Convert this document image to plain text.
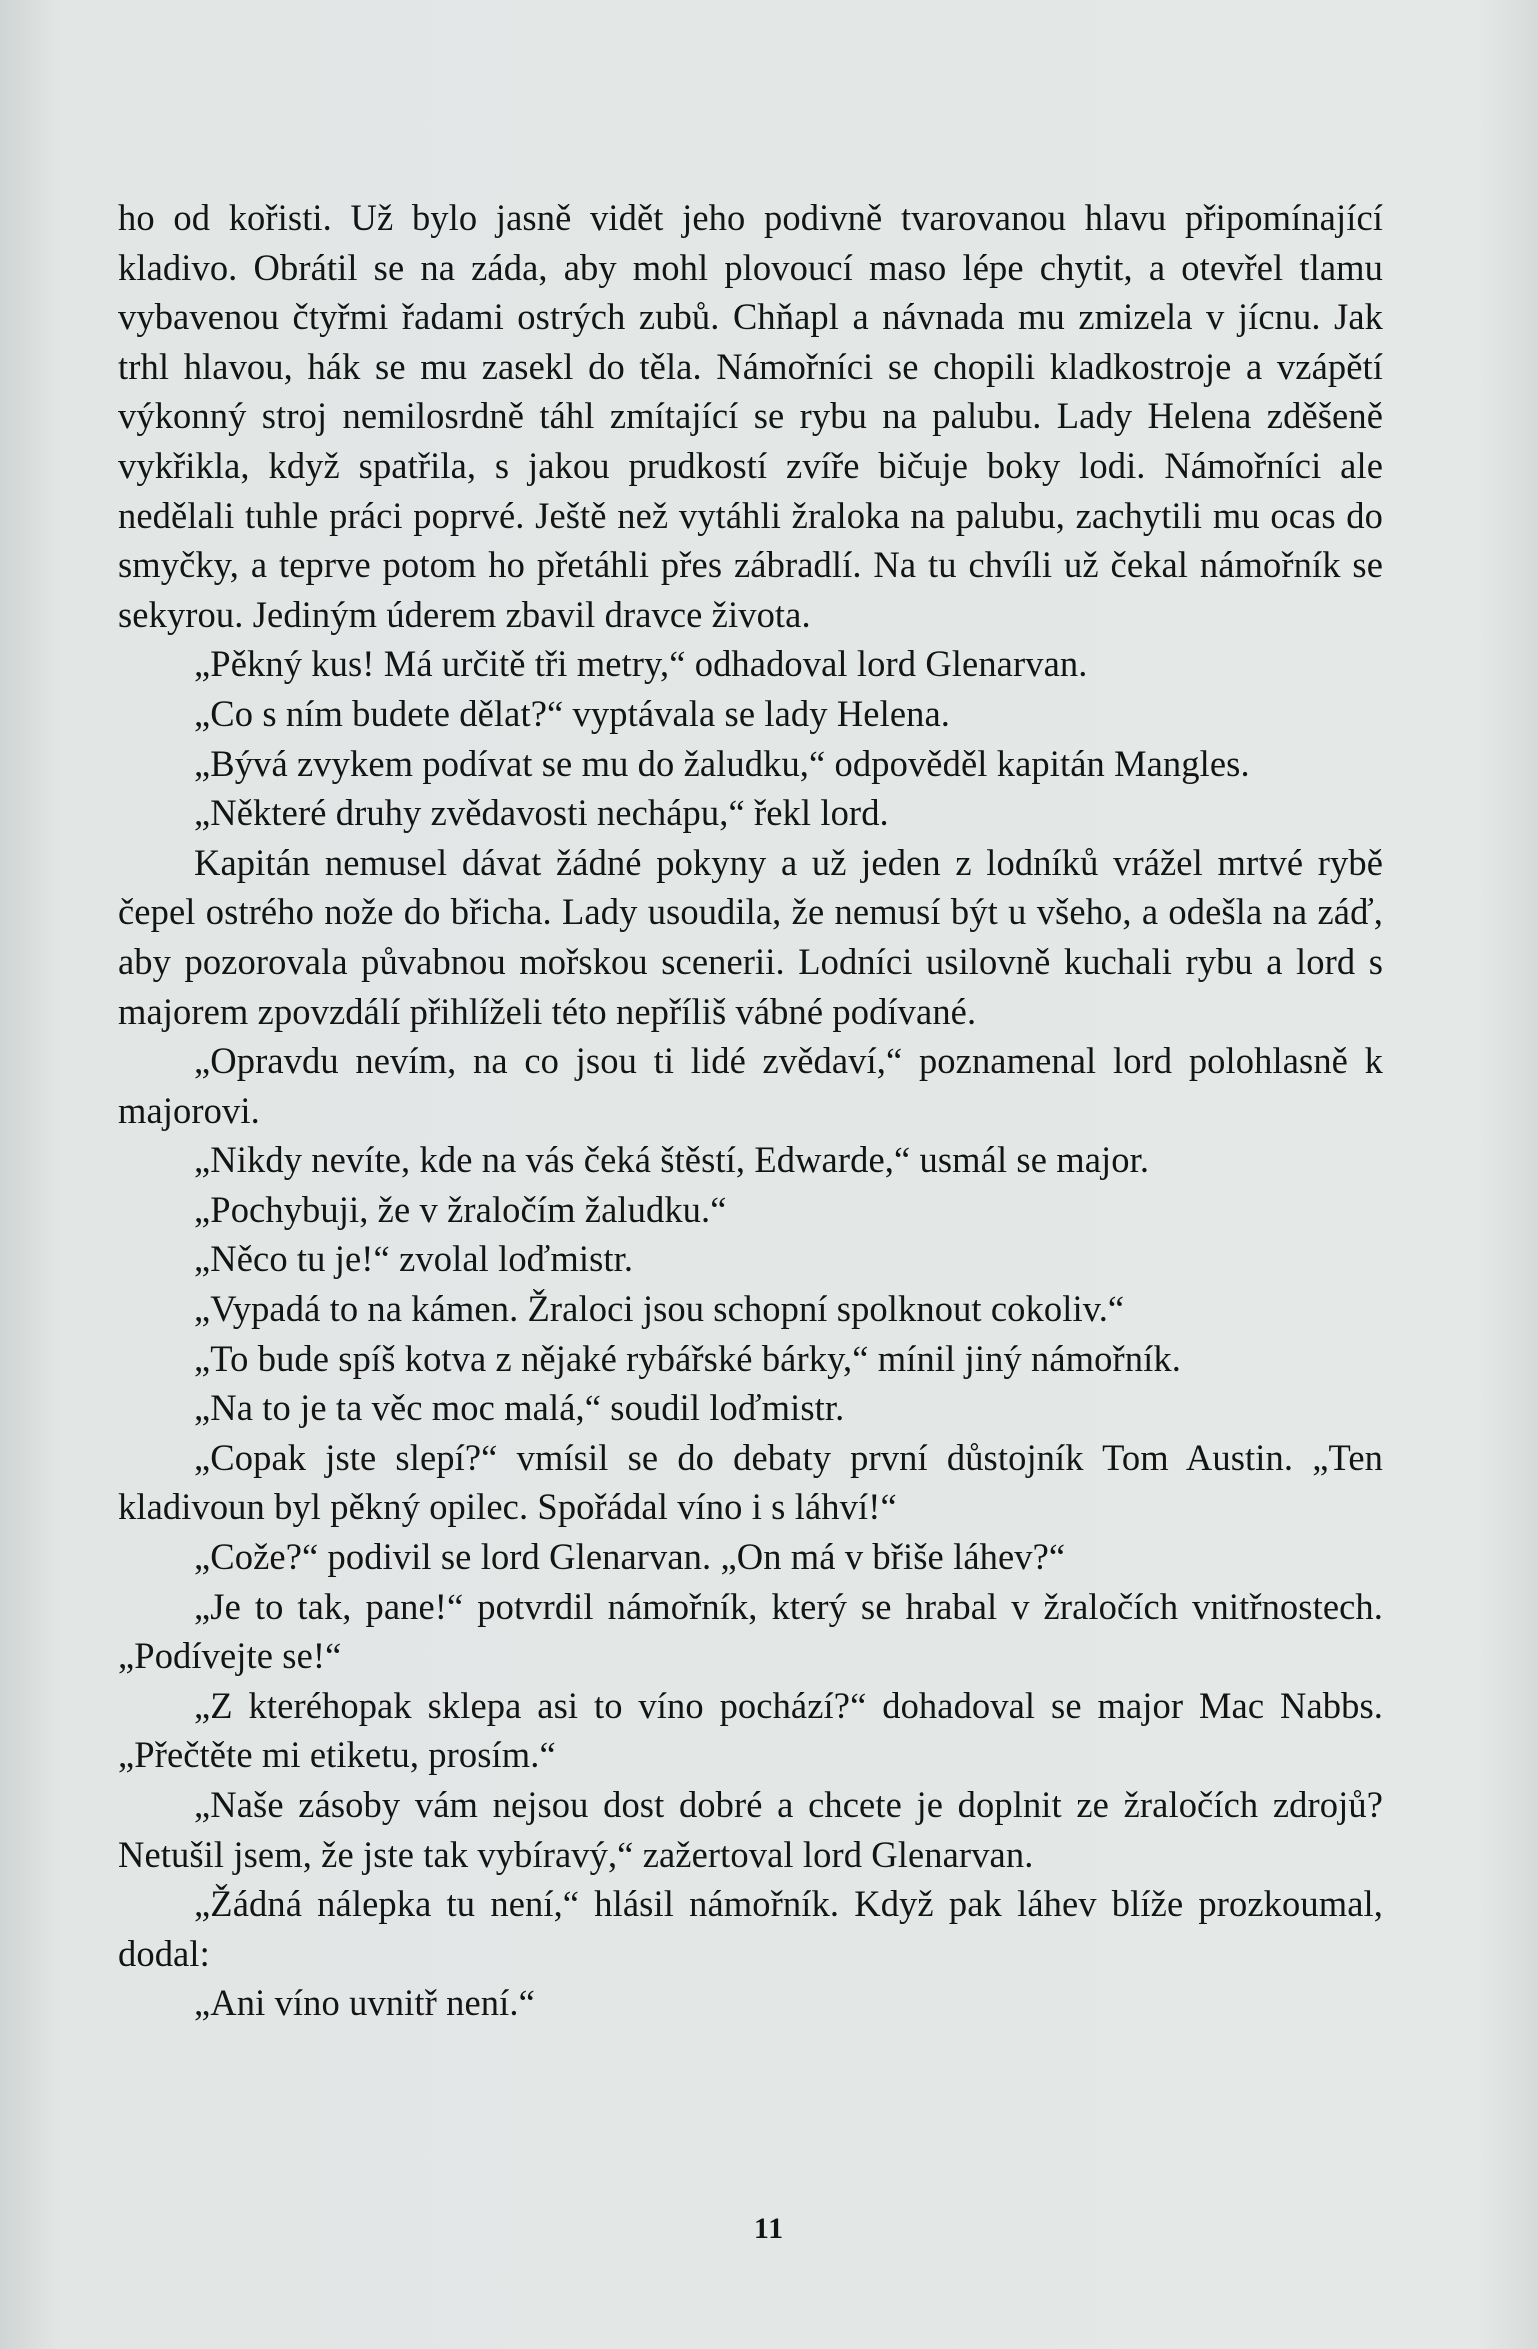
ho od kořisti. Už bylo jasně vidět jeho podivně tvarovanou hlavu připomínající kladivo. Obrátil se na záda, aby mohl plovoucí maso lépe chytit, a otevřel tlamu vybavenou čtyřmi řadami ostrých zubů. Chňapl a návnada mu zmizela v jícnu. Jak trhl hlavou, hák se mu zasekl do těla. Námořníci se chopili kladkostroje a vzápětí výkonný stroj nemilosrdně táhl zmítající se rybu na palubu. Lady Helena zděšeně vykřikla, když spatřila, s jakou prudkostí zvíře bičuje boky lodi. Námořníci ale nedělali tuhle práci poprvé. Ještě než vytáhli žraloka na palubu, zachytili mu ocas do smyčky, a teprve potom ho přetáhli přes zábradlí. Na tu chvíli už čekal námořník se sekyrou. Jediným úderem zbavil dravce života.

„Pěkný kus! Má určitě tři metry,“ odhadoval lord Glenarvan.

„Co s ním budete dělat?“ vyptávala se lady Helena.

„Bývá zvykem podívat se mu do žaludku,“ odpověděl kapitán Mangles.

„Některé druhy zvědavosti nechápu,“ řekl lord.

Kapitán nemusel dávat žádné pokyny a už jeden z lodníků vrážel mrtvé rybě čepel ostrého nože do břicha. Lady usoudila, že nemusí být u všeho, a odešla na záď, aby pozorovala půvabnou mořskou scenerii. Lodníci usilovně kuchali rybu a lord s majorem zpovzdálí přihlíželi této nepříliš vábné podívané.

„Opravdu nevím, na co jsou ti lidé zvědaví,“ poznamenal lord polohlasně k majorovi.

„Nikdy nevíte, kde na vás čeká štěstí, Edwarde,“ usmál se major.

„Pochybuji, že v žraločím žaludku.“

„Něco tu je!“ zvolal loďmistr.

„Vypadá to na kámen. Žraloci jsou schopní spolknout cokoliv.“

„To bude spíš kotva z nějaké rybářské bárky,“ mínil jiný námořník.

„Na to je ta věc moc malá,“ soudil loďmistr.

„Copak jste slepí?“ vmísil se do debaty první důstojník Tom Austin. „Ten kladivoun byl pěkný opilec. Spořádal víno i s láhví!“

„Cože?“ podivil se lord Glenarvan. „On má v břiše láhev?“

„Je to tak, pane!“ potvrdil námořník, který se hrabal v žraločích vnitřnostech. „Podívejte se!“

„Z kteréhopak sklepa asi to víno pochází?“ dohadoval se major Mac Nabbs. „Přečtěte mi etiketu, prosím.“

„Naše zásoby vám nejsou dost dobré a chcete je doplnit ze žraločích zdrojů? Netušil jsem, že jste tak vybíravý,“ zažertoval lord Glenarvan.

„Žádná nálepka tu není,“ hlásil námořník. Když pak láhev blíže prozkoumal, dodal:

„Ani víno uvnitř není.“

11
